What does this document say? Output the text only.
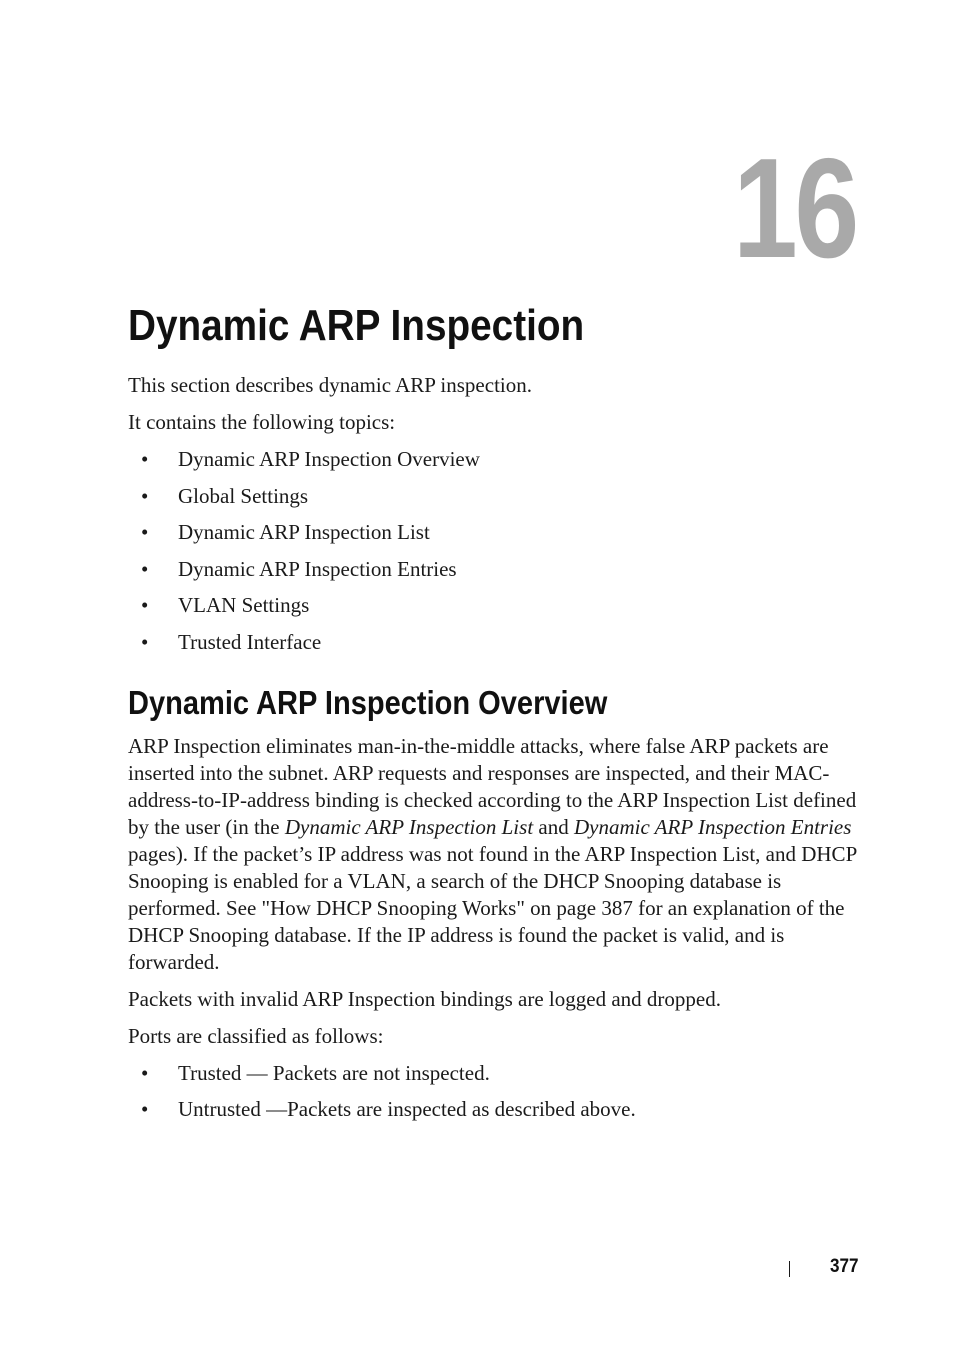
16
Dynamic ARP Inspection

This section describes dynamic ARP inspection.

It contains the following topics:

• Dynamic ARP Inspection Overview
• Global Settings
• Dynamic ARP Inspection List
• Dynamic ARP Inspection Entries
• VLAN Settings
• Trusted Interface
Dynamic ARP Inspection Overview

ARP Inspection eliminates man-in-the-middle attacks, where false ARP packets are inserted into the subnet. ARP requests and responses are inspected, and their MAC-address-to-IP-address binding is checked according to the ARP Inspection List defined by the user (in the Dynamic ARP Inspection List and Dynamic ARP Inspection Entries pages). If the packet’s IP address was not found in the ARP Inspection List, and DHCP Snooping is enabled for a VLAN, a search of the DHCP Snooping database is performed. See "How DHCP Snooping Works" on page 387 for an explanation of the DHCP Snooping database. If the IP address is found the packet is valid, and is forwarded.

Packets with invalid ARP Inspection bindings are logged and dropped.

Ports are classified as follows:

• Trusted — Packets are not inspected.
• Untrusted —Packets are inspected as described above.
377
